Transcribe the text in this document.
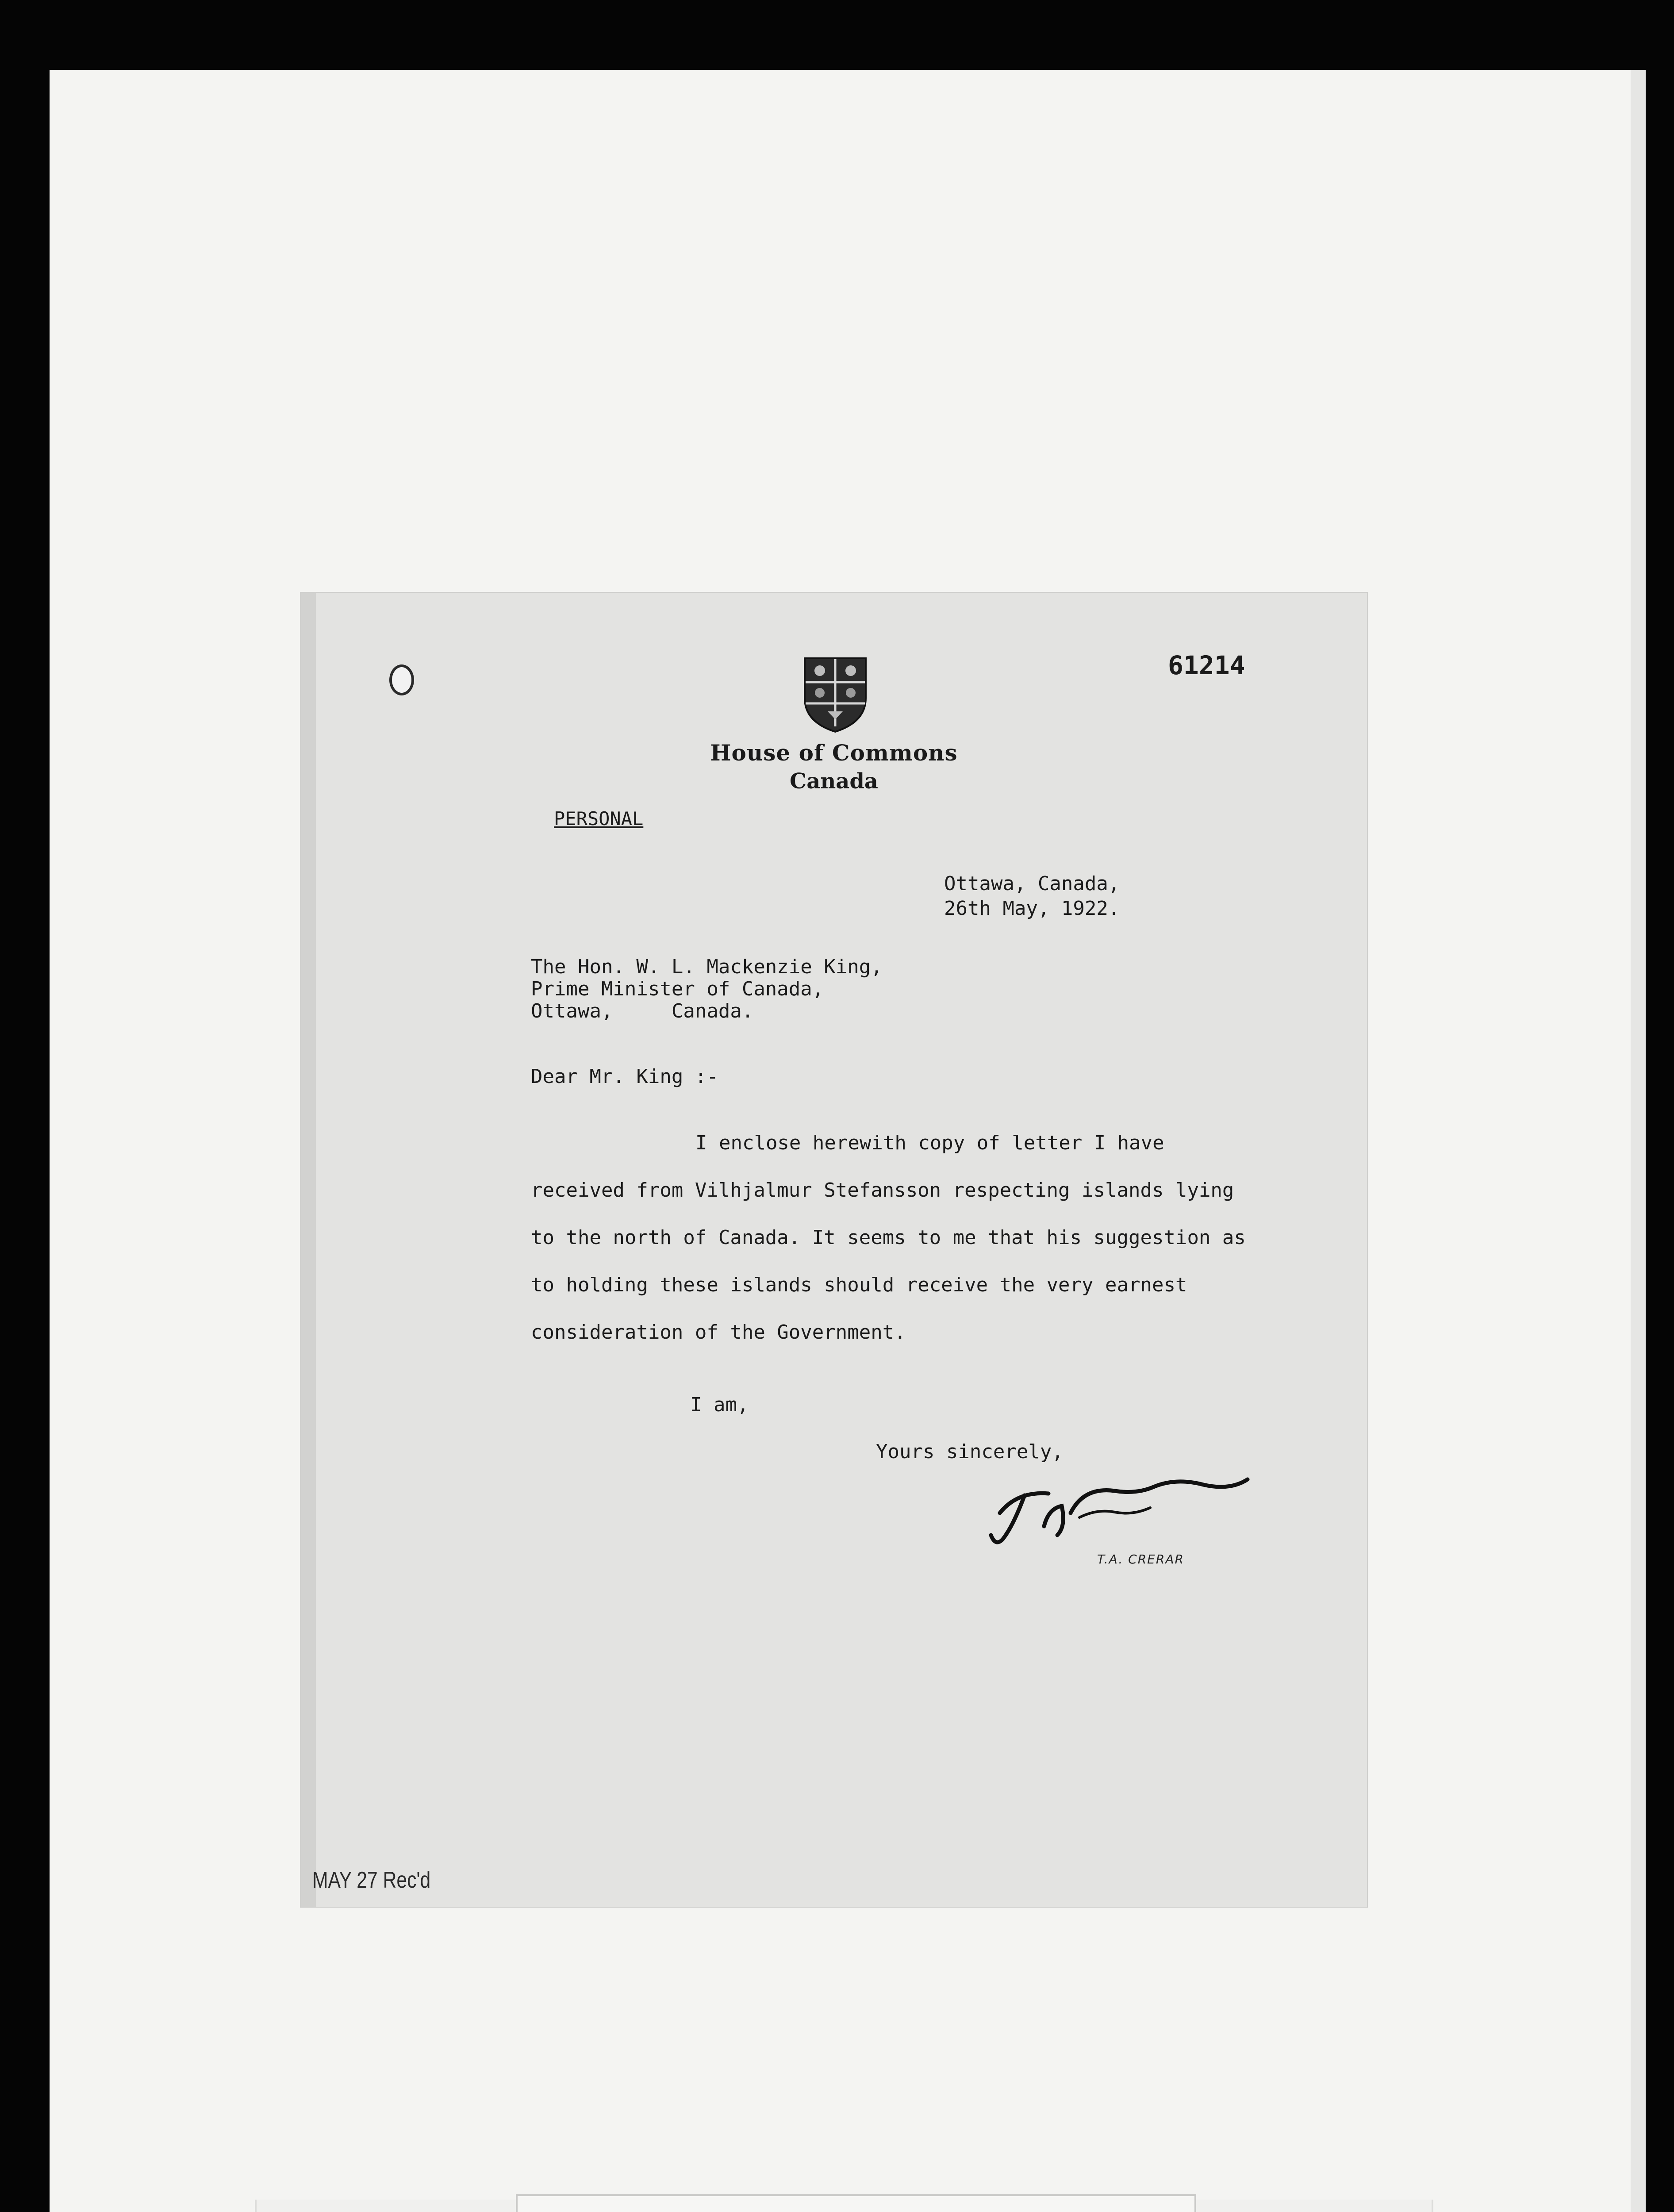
61214
House of Commons
Canada
PERSONAL
Ottawa, Canada,
26th May, 1922.
The Hon. W. L. Mackenzie King,
Prime Minister of Canada,
Ottawa,     Canada.
Dear Mr. King :-
I enclose herewith copy of letter I have received from Vilhjalmur Stefansson respecting islands lying to the north of Canada. It seems to me that his suggestion as to holding these islands should receive the very earnest consideration of the Government.
I am,
Yours sincerely,
T.A. CRERAR
MAY 27 Rec'd
